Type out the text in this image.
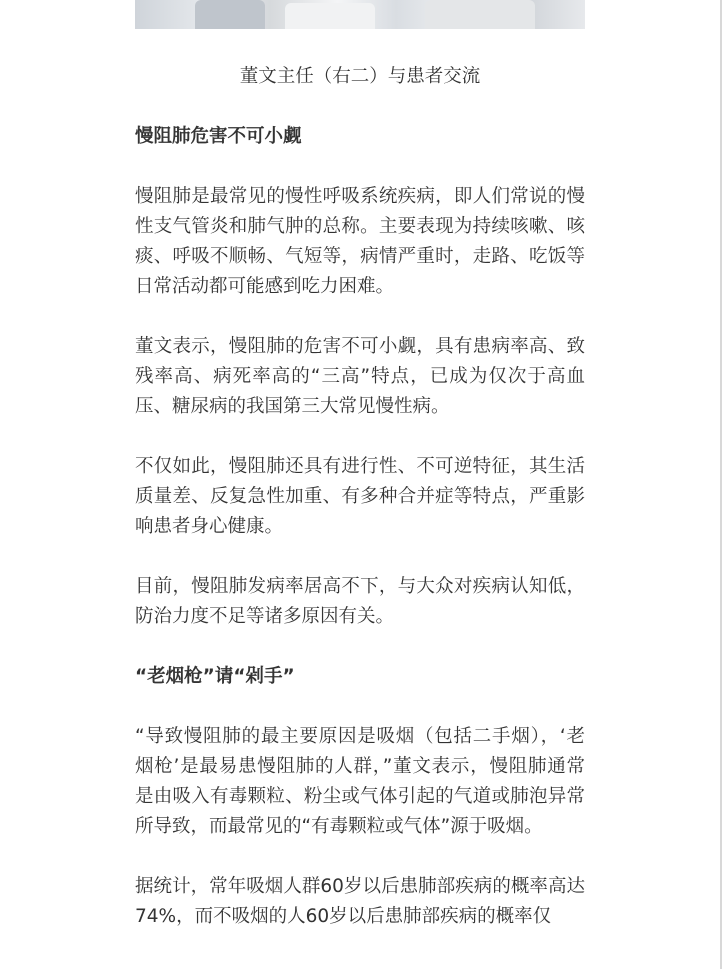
董文主任（右二）与患者交流

慢阻肺危害不可小觑

慢阻肺是最常见的慢性呼吸系统疾病，即人们常说的慢性支气管炎和肺气肿的总称。主要表现为持续咳嗽、咳痰、呼吸不顺畅、气短等，病情严重时，走路、吃饭等日常活动都可能感到吃力困难。

董文表示，慢阻肺的危害不可小觑，具有患病率高、致残率高、病死率高的“三高”特点，已成为仅次于高血压、糖尿病的我国第三大常见慢性病。

不仅如此，慢阻肺还具有进行性、不可逆特征，其生活质量差、反复急性加重、有多种合并症等特点，严重影响患者身心健康。

目前，慢阻肺发病率居高不下，与大众对疾病认知低，防治力度不足等诸多原因有关。

“老烟枪”请“剁手”

“导致慢阻肺的最主要原因是吸烟（包括二手烟），‘老烟枪’是最易患慢阻肺的人群，”董文表示，慢阻肺通常是由吸入有毒颗粒、粉尘或气体引起的气道或肺泡异常所导致，而最常见的“有毒颗粒或气体”源于吸烟。

据统计，常年吸烟人群60岁以后患肺部疾病的概率高达74%，而不吸烟的人60岁以后患肺部疾病的概率仅
